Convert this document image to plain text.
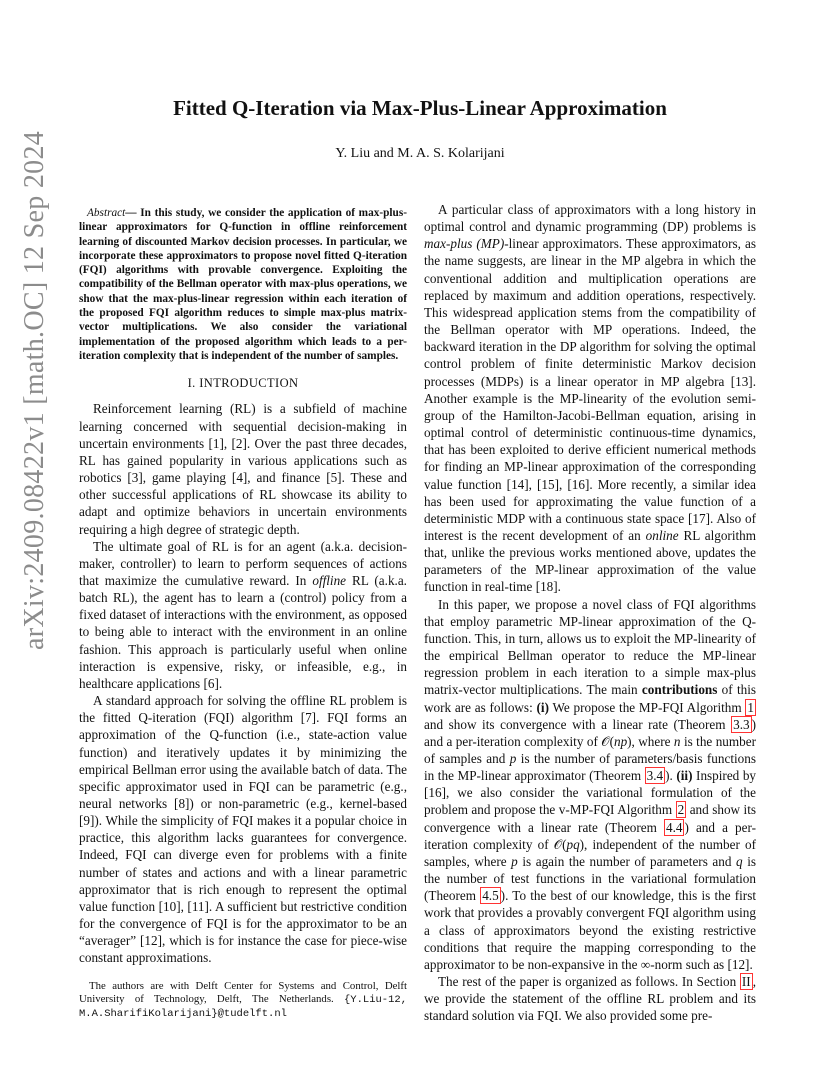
arXiv:2409.08422v1 [math.OC] 12 Sep 2024
Fitted Q-Iteration via Max-Plus-Linear Approximation
Y. Liu and M. A. S. Kolarijani

Abstract— In this study, we consider the application of max-plus-linear approximators for Q-function in offline reinforcement learning of discounted Markov decision processes. In particular, we incorporate these approximators to propose novel fitted Q-iteration (FQI) algorithms with provable convergence. Exploiting the compatibility of the Bellman operator with max-plus operations, we show that the max-plus-linear regression within each iteration of the proposed FQI algorithm reduces to simple max-plus matrix-vector multiplications. We also consider the variational implementation of the proposed algorithm which leads to a per-iteration complexity that is independent of the number of samples.

I. INTRODUCTION

Reinforcement learning (RL) is a subfield of machine learning concerned with sequential decision-making in uncertain environments [1], [2]. Over the past three decades, RL has gained popularity in various applications such as robotics [3], game playing [4], and finance [5]. These and other successful applications of RL showcase its ability to adapt and optimize behaviors in uncertain environments requiring a high degree of strategic depth.

The ultimate goal of RL is for an agent (a.k.a. decision-maker, controller) to learn to perform sequences of actions that maximize the cumulative reward. In offline RL (a.k.a. batch RL), the agent has to learn a (control) policy from a fixed dataset of interactions with the environment, as opposed to being able to interact with the environment in an online fashion. This approach is particularly useful when online interaction is expensive, risky, or infeasible, e.g., in healthcare applications [6].

A standard approach for solving the offline RL problem is the fitted Q-iteration (FQI) algorithm [7]. FQI forms an approximation of the Q-function (i.e., state-action value function) and iteratively updates it by minimizing the empirical Bellman error using the available batch of data. The specific approximator used in FQI can be parametric (e.g., neural networks [8]) or non-parametric (e.g., kernel-based [9]). While the simplicity of FQI makes it a popular choice in practice, this algorithm lacks guarantees for convergence. Indeed, FQI can diverge even for problems with a finite number of states and actions and with a linear parametric approximator that is rich enough to represent the optimal value function [10], [11]. A sufficient but restrictive condition for the convergence of FQI is for the approximator to be an “averager” [12], which is for instance the case for piece-wise constant approximations.

The authors are with Delft Center for Systems and Control, Delft University of Technology, Delft, The Netherlands. {Y.Liu-12, M.A.SharifiKolarijani}@tudelft.nl

A particular class of approximators with a long history in optimal control and dynamic programming (DP) problems is max-plus (MP)-linear approximators. These approximators, as the name suggests, are linear in the MP algebra in which the conventional addition and multiplication operations are replaced by maximum and addition operations, respectively. This widespread application stems from the compatibility of the Bellman operator with MP operations. Indeed, the backward iteration in the DP algorithm for solving the optimal control problem of finite deterministic Markov decision processes (MDPs) is a linear operator in MP algebra [13]. Another example is the MP-linearity of the evolution semi-group of the Hamilton-Jacobi-Bellman equation, arising in optimal control of deterministic continuous-time dynamics, that has been exploited to derive efficient numerical methods for finding an MP-linear approximation of the corresponding value function [14], [15], [16]. More recently, a similar idea has been used for approximating the value function of a deterministic MDP with a continuous state space [17]. Also of interest is the recent development of an online RL algorithm that, unlike the previous works mentioned above, updates the parameters of the MP-linear approximation of the value function in real-time [18].

In this paper, we propose a novel class of FQI algorithms that employ parametric MP-linear approximation of the Q-function. This, in turn, allows us to exploit the MP-linearity of the empirical Bellman operator to reduce the MP-linear regression problem in each iteration to a simple max-plus matrix-vector multiplications. The main contributions of this work are as follows: (i) We propose the MP-FQI Algorithm 1 and show its convergence with a linear rate (Theorem 3.3 ) and a per-iteration complexity of 𝒪(np), where n is the number of samples and p is the number of parameters/basis functions in the MP-linear approximator (Theorem 3.4 ). (ii) Inspired by [16], we also consider the variational formulation of the problem and propose the v-MP-FQI Algorithm 2 and show its convergence with a linear rate (Theorem 4.4 ) and a per-iteration complexity of 𝒪(pq), independent of the number of samples, where p is again the number of parameters and q is the number of test functions in the variational formulation (Theorem 4.5 ). To the best of our knowledge, this is the first work that provides a provably convergent FQI algorithm using a class of approximators beyond the existing restrictive conditions that require the mapping corresponding to the approximator to be non-expansive in the ∞-norm such as [12].

The rest of the paper is organized as follows. In Section II , we provide the statement of the offline RL problem and its standard solution via FQI. We also provided some pre-
